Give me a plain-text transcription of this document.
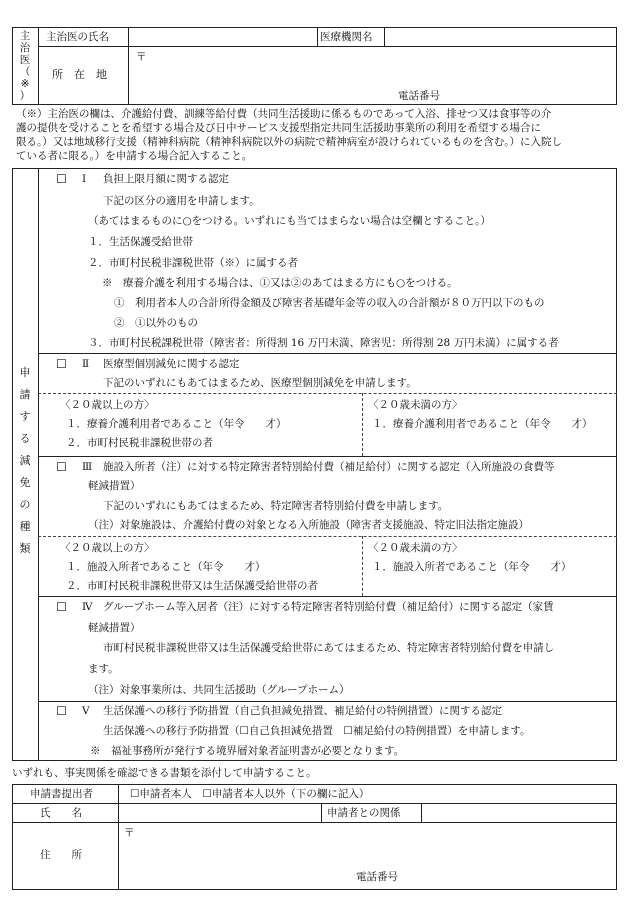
主
治
医
（
※
）
主治医の氏名	医療機関名
所　在　地
〒
電話番号
（※）主治医の欄は、介護給付費、訓練等給付費（共同生活援助に係るものであって入浴、排せつ又は食事等の介
護の提供を受けることを希望する場合及び日中サービス支援型指定共同生活援助事業所の利用を希望する場合に
限る。）又は地域移行支援（精神科病院（精神科病院以外の病院で精神病室が設けられているものを含む。）に入院し
ている者に限る。）を申請する場合記入すること。
申
請
す
る
減
免
の
種
類
☐ Ⅰ 負担上限月額に関する認定
下記の区分の適用を申請します。
（あてはまるものに○をつける。いずれにも当てはまらない場合は空欄とすること。）
１．生活保護受給世帯
２．市町村民税非課税世帯（※）に属する者
※　療養介護を利用する場合は、①又は②のあてはまる方にも○をつける。
①　利用者本人の合計所得金額及び障害者基礎年金等の収入の合計額が８０万円以下のもの
②　①以外のもの
３．市町村民税課税世帯（障害者：所得割 16 万円未満、障害児：所得割 28 万円未満）に属する者
☐ Ⅱ 医療型個別減免に関する認定
下記のいずれにもあてはまるため、医療型個別減免を申請します。
〈２０歳以上の方〉
１．療養介護利用者であること（年令　　才）
２．市町村民税非課税世帯の者
〈２０歳未満の方〉
１．療養介護利用者であること（年令　　才）
☐ Ⅲ 施設入所者（注）に対する特定障害者特別給付費（補足給付）に関する認定（入所施設の食費等
軽減措置）
下記のいずれにもあてはまるため、特定障害者特別給付費を申請します。
（注）対象施設は、介護給付費の対象となる入所施設（障害者支援施設、特定旧法指定施設）
〈２０歳以上の方〉
１．施設入所者であること（年令　　才）
２．市町村民税非課税世帯又は生活保護受給世帯の者
〈２０歳未満の方〉
１．施設入所者であること（年令　　才）
☐ Ⅳ グループホーム等入居者（注）に対する特定障害者特別給付費（補足給付）に関する認定（家賃
軽減措置）
市町村民税非課税世帯又は生活保護受給世帯にあてはまるため、特定障害者特別給付費を申請し
ます。
（注）対象事業所は、共同生活援助（グループホーム）
☐ Ⅴ 生活保護への移行予防措置（自己負担減免措置、補足給付の特例措置）に関する認定
生活保護への移行予防措置（☐自己負担減免措置　☐補足給付の特例措置）を申請します。
※　福祉事務所が発行する境界層対象者証明書が必要となります。
いずれも、事実関係を確認できる書類を添付して申請すること。
申請書提出者	☐申請者本人　☐申請者本人以外（下の欄に記入）
氏　　名	申請者との関係
住　　所
〒
電話番号
